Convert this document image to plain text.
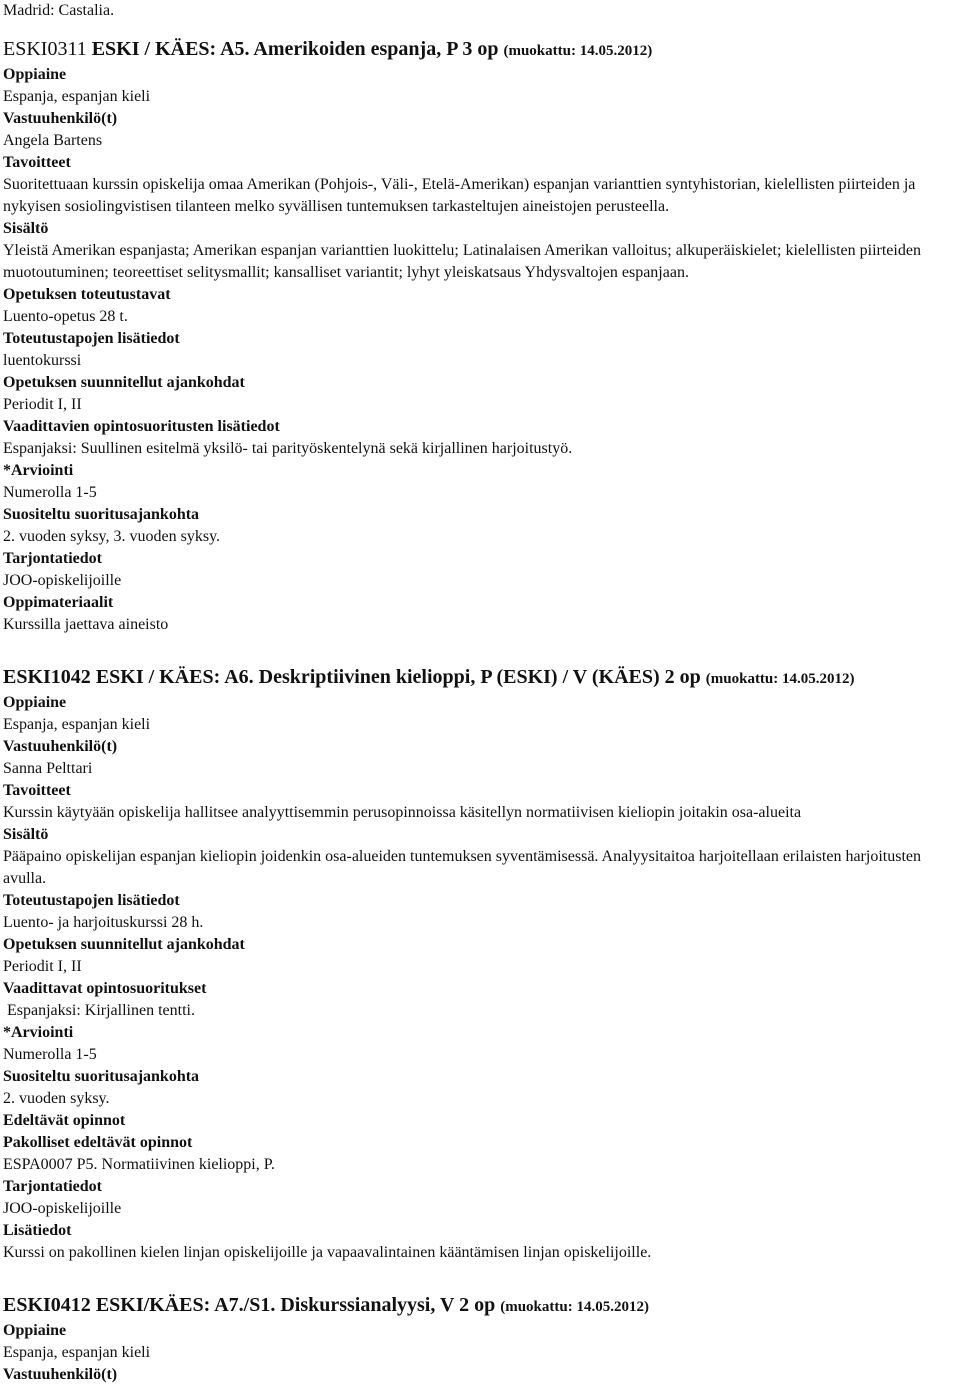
Madrid: Castalia.
ESKI0311 ESKI / KÄES: A5. Amerikoiden espanja, P 3 op (muokattu: 14.05.2012)
Oppiaine
Espanja, espanjan kieli
Vastuuhenkilö(t)
Angela Bartens
Tavoitteet
Suoritettuaan kurssin opiskelija omaa Amerikan (Pohjois-, Väli-, Etelä-Amerikan) espanjan varianttien syntyhistorian, kielellisten piirteiden ja nykyisen sosiolingvistisen tilanteen melko syvällisen tuntemuksen tarkasteltujen aineistojen perusteella.
Sisältö
Yleistä Amerikan espanjasta; Amerikan espanjan varianttien luokittelu; Latinalaisen Amerikan valloitus; alkuperäiskielet; kielellisten piirteiden muotoutuminen; teoreettiset selitysmallit; kansalliset variantit; lyhyt yleiskatsaus Yhdysvaltojen espanjaan.
Opetuksen toteutustavat
Luento-opetus 28 t.
Toteutustapojen lisätiedot
luentokurssi
Opetuksen suunnitellut ajankohdat
Periodit I, II
Vaadittavien opintosuoritusten lisätiedot
Espanjaksi: Suullinen esitelmä yksilö- tai parityöskentelynä sekä kirjallinen harjoitustyö.
*Arviointi
Numerolla 1-5
Suositeltu suoritusajankohta
2. vuoden syksy, 3. vuoden syksy.
Tarjontatiedot
JOO-opiskelijoille
Oppimateriaalit
Kurssilla jaettava aineisto
ESKI1042 ESKI / KÄES: A6. Deskriptiivinen kielioppi, P (ESKI) / V (KÄES) 2 op (muokattu: 14.05.2012)
Oppiaine
Espanja, espanjan kieli
Vastuuhenkilö(t)
Sanna Pelttari
Tavoitteet
Kurssin käytyään opiskelija hallitsee analyyttisemmin perusopinnoissa käsitellyn normatiivisen kieliopin joitakin osa-alueita
Sisältö
Pääpaino opiskelijan espanjan kieliopin joidenkin osa-alueiden tuntemuksen syventämisessä. Analyysitaitoa harjoitellaan erilaisten harjoitusten avulla.
Toteutustapojen lisätiedot
Luento- ja harjoituskurssi 28 h.
Opetuksen suunnitellut ajankohdat
Periodit I, II
Vaadittavat opintosuoritukset
Espanjaksi: Kirjallinen tentti.
*Arviointi
Numerolla 1-5
Suositeltu suoritusajankohta
2. vuoden syksy.
Edeltävät opinnot
Pakolliset edeltävät opinnot
ESPA0007 P5. Normatiivinen kielioppi, P.
Tarjontatiedot
JOO-opiskelijoille
Lisätiedot
Kurssi on pakollinen kielen linjan opiskelijoille ja vapaavalintainen kääntämisen linjan opiskelijoille.
ESKI0412 ESKI/KÄES: A7./S1. Diskurssianalyysi, V 2 op (muokattu: 14.05.2012)
Oppiaine
Espanja, espanjan kieli
Vastuuhenkilö(t)
